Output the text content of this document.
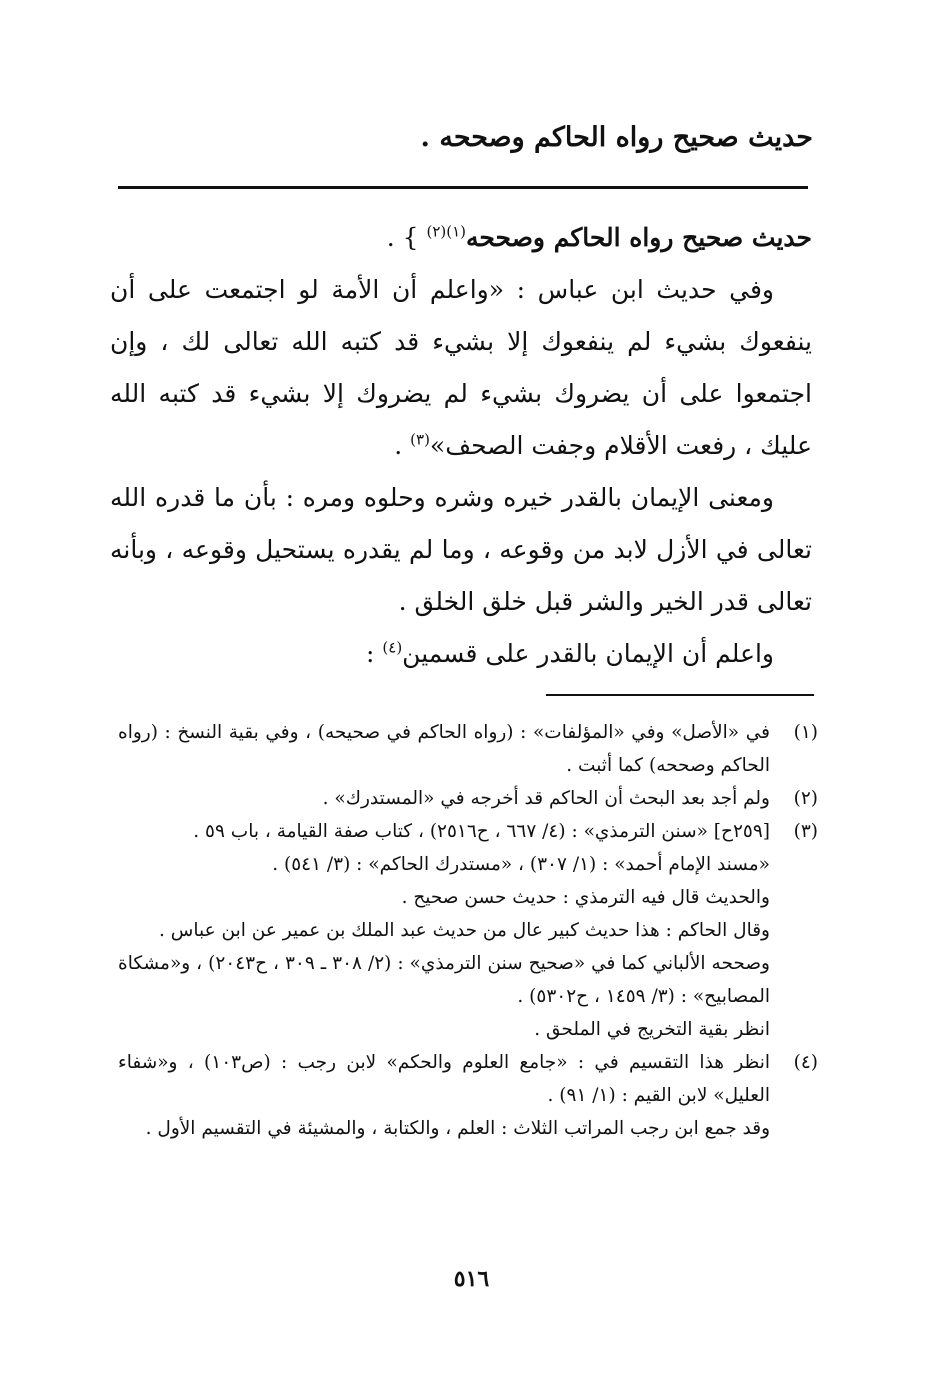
حديث صحيح رواه الحاكم وصححه .

حديث صحيح رواه الحاكم وصححه$^{(١)(٢)}$ } .

وفي حديث ابن عباس : «واعلم أن الأمة لو اجتمعت على أن ينفعوك بشيء لم ينفعوك إلا بشيء قد كتبه الله تعالى لك ، وإن اجتمعوا على أن يضروك بشيء لم يضروك إلا بشيء قد كتبه الله عليك ، رفعت الأقلام وجفت الصحف»$^{(٣)}$ .

ومعنى الإيمان بالقدر خيره وشره وحلوه ومره : بأن ما قدره الله تعالى في الأزل لابد من وقوعه ، وما لم يقدره يستحيل وقوعه ، وبأنه تعالى قدر الخير والشر قبل خلق الخلق .

واعلم أن الإيمان بالقدر على قسمين$^{(٤)}$ :

(١)
في «الأصل» وفي «المؤلفات» : (رواه الحاكم في صحيحه) ، وفي بقية النسخ : (رواه الحاكم وصححه) كما أثبت .
(٢)
ولم أجد بعد البحث أن الحاكم قد أخرجه في «المستدرك» .
(٣)
[٢٥٩ح] «سنن الترمذي» : (٤/ ٦٦٧ ، ح٢٥١٦) ، كتاب صفة القيامة ، باب ٥٩ .
«مسند الإمام أحمد» : (١/ ٣٠٧) ، «مستدرك الحاكم» : (٣/ ٥٤١) .
والحديث قال فيه الترمذي : حديث حسن صحيح .
وقال الحاكم : هذا حديث كبير عال من حديث عبد الملك بن عمير عن ابن عباس .
وصححه الألباني كما في «صحيح سنن الترمذي» : (٢/ ٣٠٨ ـ ٣٠٩ ، ح٢٠٤٣) ، و«مشكاة المصابيح» : (٣/ ١٤٥٩ ، ح٥٣٠٢) .
انظر بقية التخريج في الملحق .
(٤)
انظر هذا التقسيم في : «جامع العلوم والحكم» لابن رجب : (ص١٠٣) ، و«شفاء العليل» لابن القيم : (١/ ٩١) .
وقد جمع ابن رجب المراتب الثلاث : العلم ، والكتابة ، والمشيئة في التقسيم الأول .
٥١٦
